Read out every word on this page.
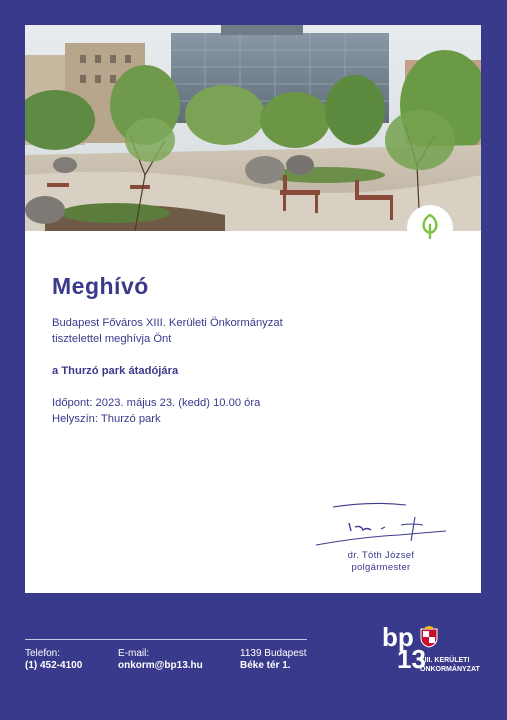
Meghívó
Budapest Főváros XIII. Kerületi Önkormányzat
tisztelettel meghívja Önt
a Thurzó park átadójára
Időpont: 2023. május 23. (kedd) 10.00 óra
Helyszín: Thurzó park
dr. Tóth József
polgármester
Telefon:
(1) 452-4100
E-mail:
onkorm@bp13.hu
1139 Budapest
Béke tér 1.
bp
13
XIII. KERÜLETI
ÖNKORMÁNYZAT
